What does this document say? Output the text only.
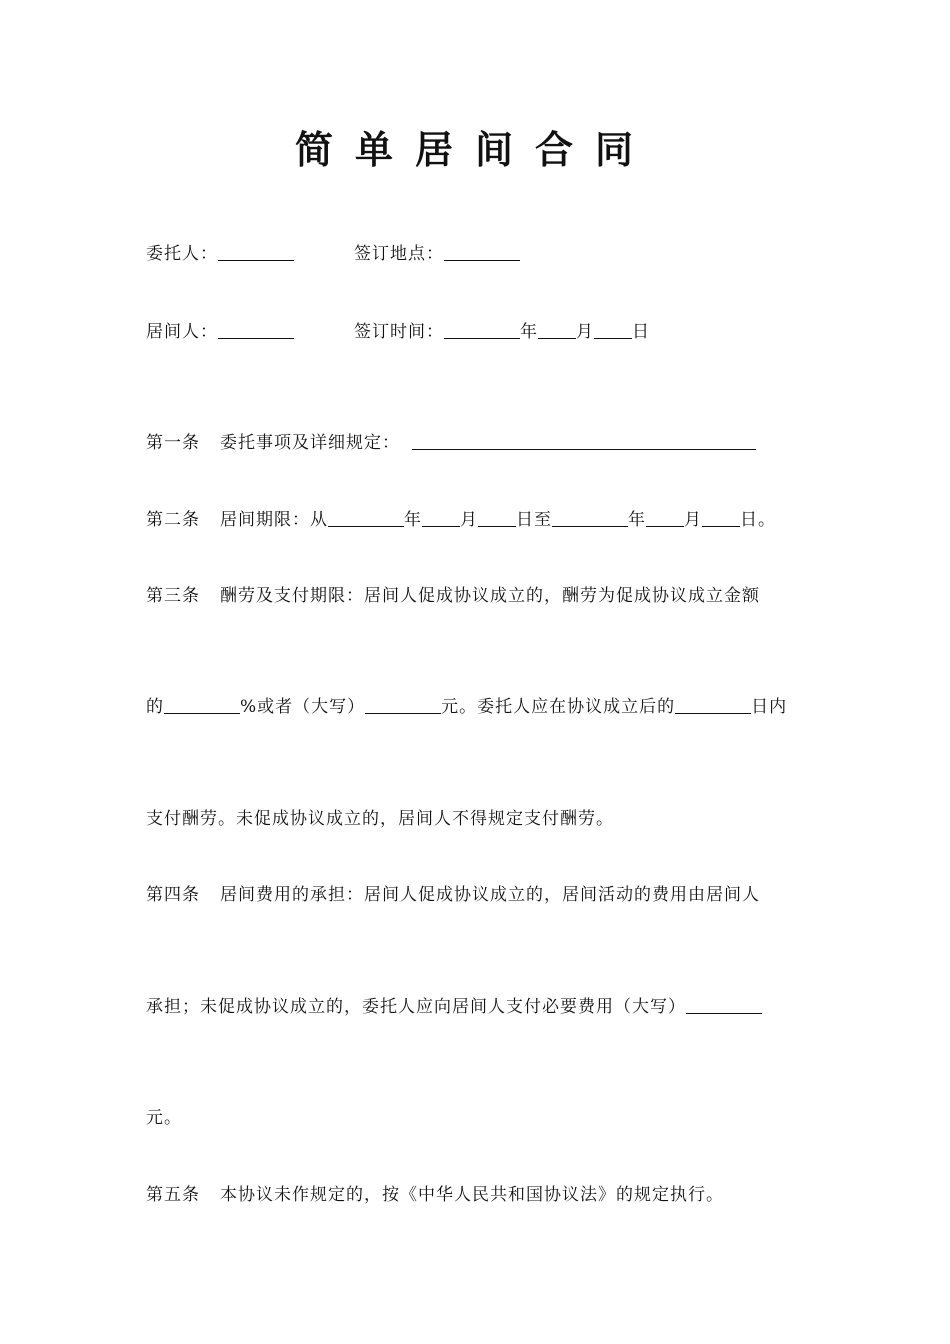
简单居间合同
委托人：	签订地点：
居间人：	签订时间：	年 月 日
第一条 委托事项及详细规定：
第二条 居间期限：从	年 月 日至	年 月 日。
第三条 酬劳及支付期限：居间人促成协议成立的，酬劳为促成协议成立金额
的	%或者（大写）	元。委托人应在协议成立后的	日内
支付酬劳。未促成协议成立的，居间人不得规定支付酬劳。
第四条 居间费用的承担：居间人促成协议成立的，居间活动的费用由居间人
承担；未促成协议成立的，委托人应向居间人支付必要费用（大写）
元。
第五条 本协议未作规定的，按《中华人民共和国协议法》的规定执行。
